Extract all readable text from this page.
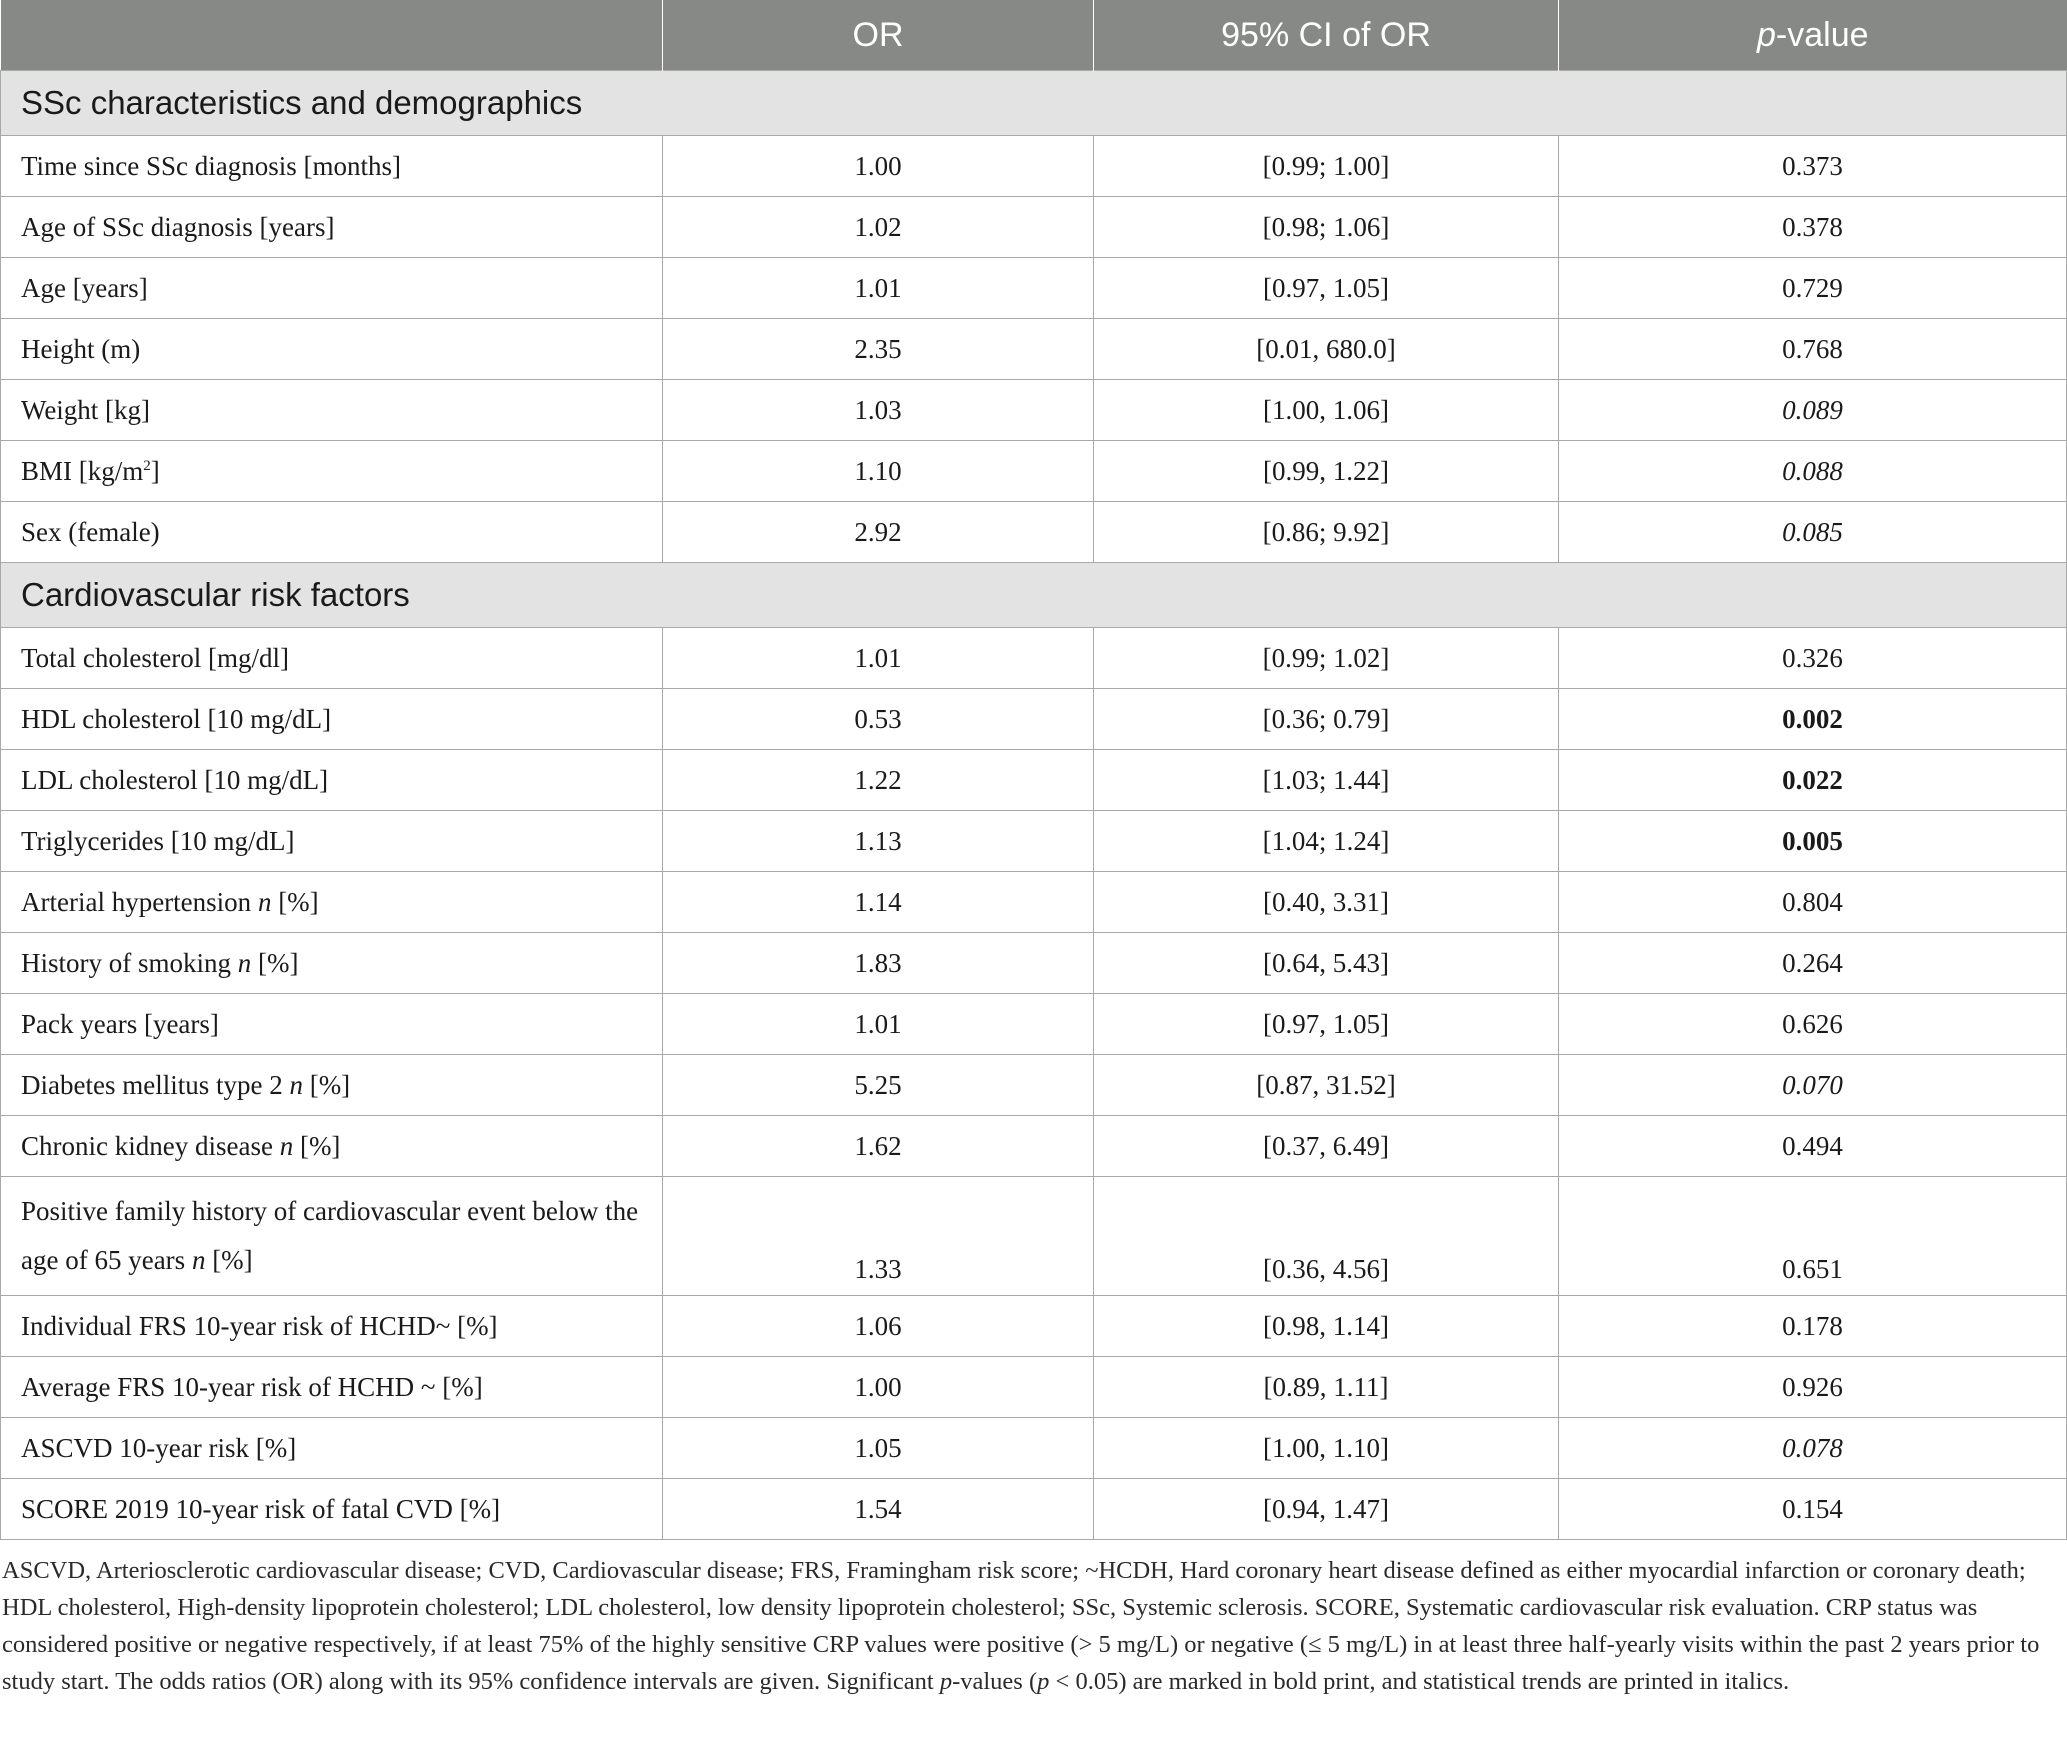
	OR	95% CI of OR	p-value
SSc characteristics and demographics			
Time since SSc diagnosis [months]	1.00	[0.99; 1.00]	0.373
Age of SSc diagnosis [years]	1.02	[0.98; 1.06]	0.378
Age [years]	1.01	[0.97, 1.05]	0.729
Height (m)	2.35	[0.01, 680.0]	0.768
Weight [kg]	1.03	[1.00, 1.06]	0.089
BMI $[kg/m^2]$	1.10	[0.99, 1.22]	0.088
Sex (female)	2.92	[0.86; 9.92]	0.085
Cardiovascular risk factors			
Total cholesterol [mg/dl]	1.01	[0.99; 1.02]	0.326
HDL cholesterol [10 mg/dL]	0.53	[0.36; 0.79]	0.002
LDL cholesterol [10 mg/dL]	1.22	[1.03; 1.44]	0.022
Triglycerides [10 mg/dL]	1.13	[1.04; 1.24]	0.005
Arterial hypertension n [%]	1.14	[0.40, 3.31]	0.804
History of smoking n [%]	1.83	[0.64, 5.43]	0.264
Pack years [years]	1.01	[0.97, 1.05]	0.626
Diabetes mellitus type 2 n [%]	5.25	[0.87, 31.52]	0.070
Chronic kidney disease n [%]	1.62	[0.37, 6.49]	0.494
Positive family history of cardiovascular event below the age of 65 years n [%]	1.33	[0.36, 4.56]	0.651
Individual FRS 10-year risk of HCHD~ [%]	1.06	[0.98, 1.14]	0.178
Average FRS 10-year risk of HCHD ~ [%]	1.00	[0.89, 1.11]	0.926
ASCVD 10-year risk [%]	1.05	[1.00, 1.10]	0.078
SCORE 2019 10-year risk of fatal CVD [%]	1.54	[0.94, 1.47]	0.154
ASCVD, Arteriosclerotic cardiovascular disease; CVD, Cardiovascular disease; FRS, Framingham risk score; ~HCDH, Hard coronary heart disease defined as either myocardial infarction or coronary death; HDL cholesterol, High-density lipoprotein cholesterol; LDL cholesterol, low density lipoprotein cholesterol; SSc, Systemic sclerosis. SCORE, Systematic cardiovascular risk evaluation. CRP status was considered positive or negative respectively, if at least 75% of the highly sensitive CRP values were positive (> 5 mg/L) or negative (≤ 5 mg/L) in at least three half-yearly visits within the past 2 years prior to study start. The odds ratios (OR) along with its 95% confidence intervals are given. Significant p-values (p < 0.05) are marked in bold print, and statistical trends are printed in italics.
